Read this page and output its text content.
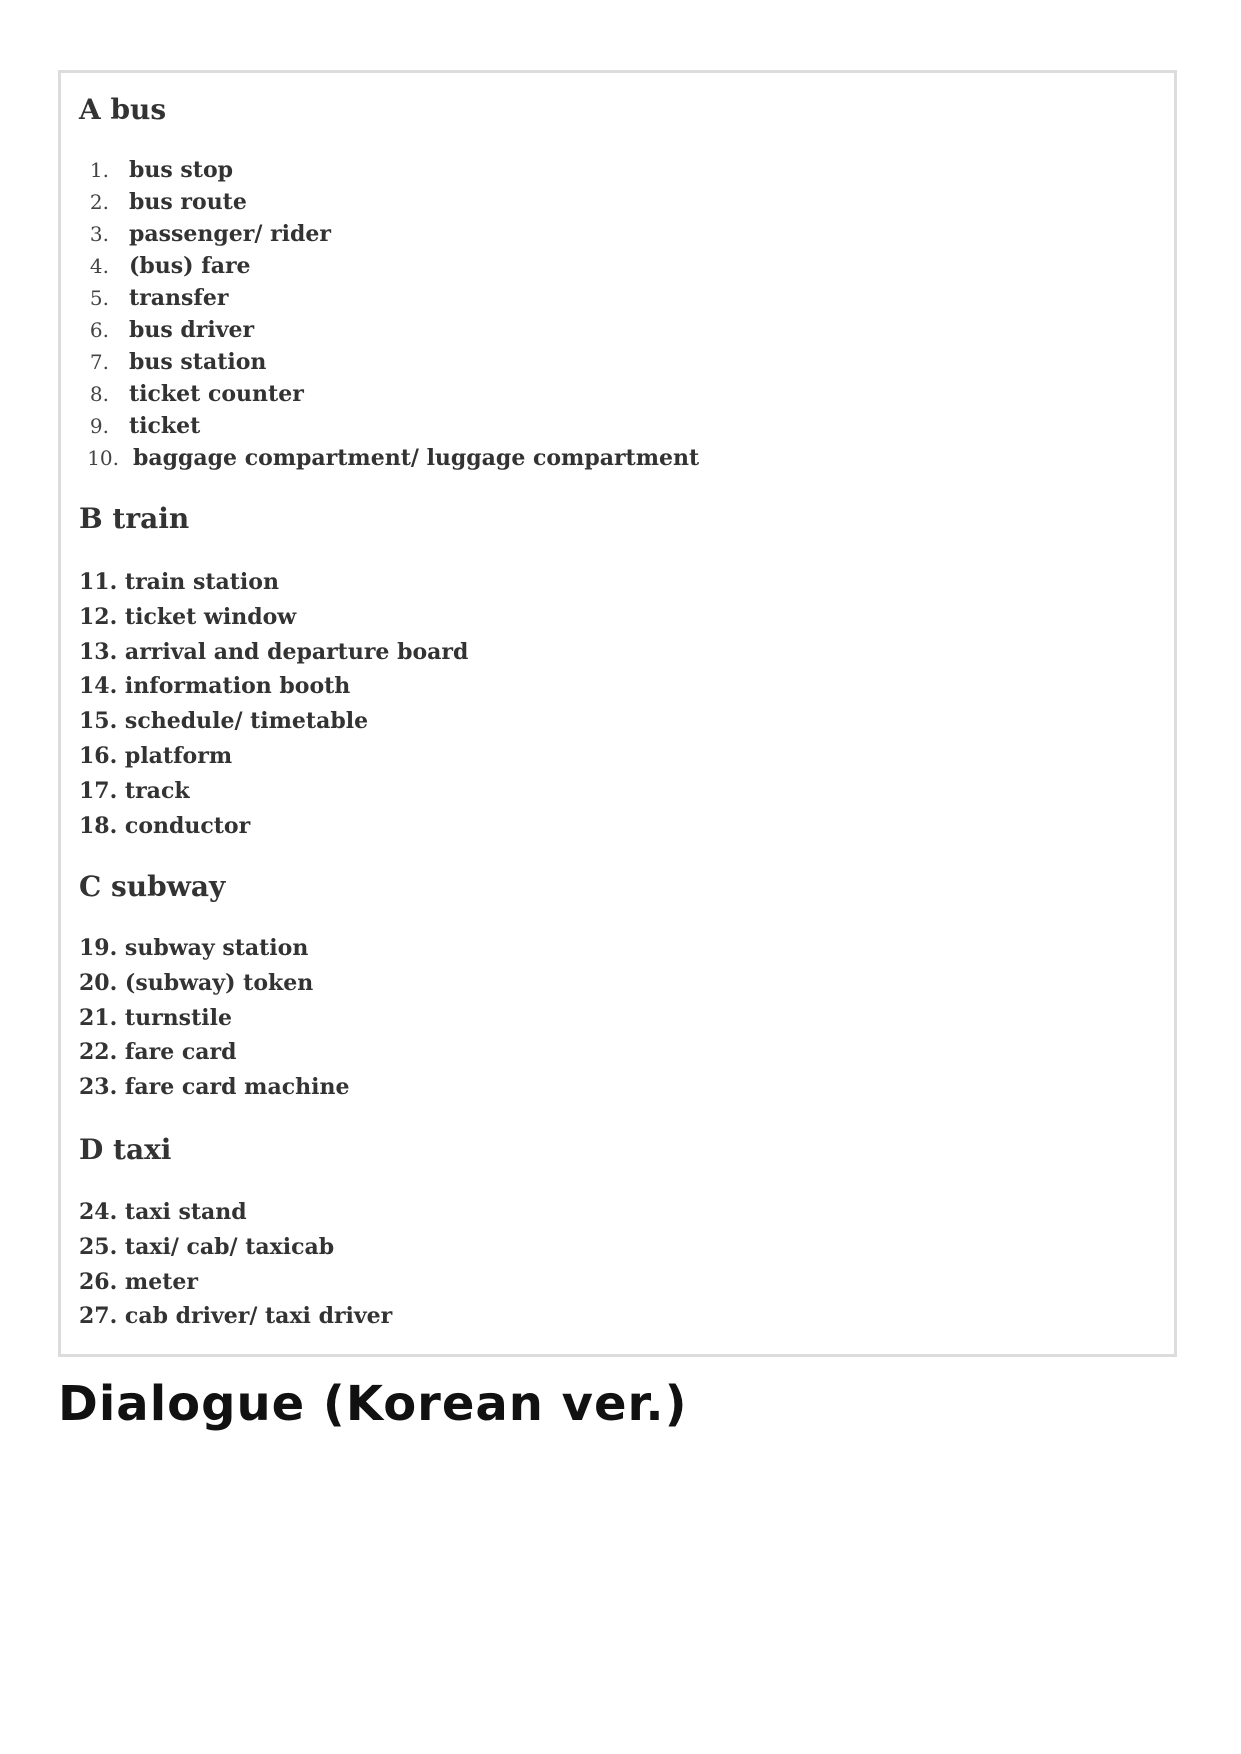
A bus
1. bus stop
2. bus route
3. passenger/ rider
4. (bus) fare
5. transfer
6. bus driver
7. bus station
8. ticket counter
9. ticket
10. baggage compartment/ luggage compartment
B train
11. train station
12. ticket window
13. arrival and departure board
14. information booth
15. schedule/ timetable
16. platform
17. track
18. conductor
C subway
19. subway station
20. (subway) token
21. turnstile
22. fare card
23. fare card machine
D taxi
24. taxi stand
25. taxi/ cab/ taxicab
26. meter
27. cab driver/ taxi driver
Dialogue (Korean ver.)
